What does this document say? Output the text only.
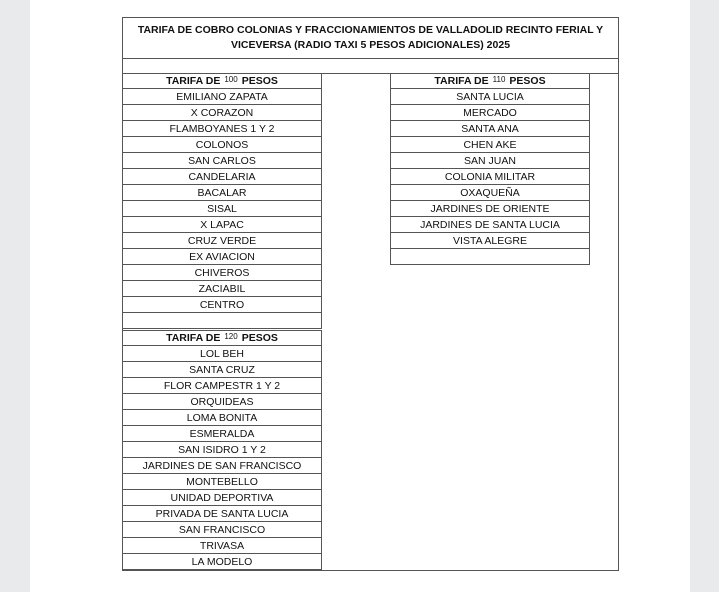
TARIFA DE COBRO COLONIAS Y FRACCIONAMIENTOS DE VALLADOLID RECINTO FERIAL Y VICEVERSA (RADIO TAXI 5 PESOS ADICIONALES) 2025
TARIFA DE 100 PESOS
EMILIANO ZAPATA
X CORAZON
FLAMBOYANES 1 Y 2
COLONOS
SAN CARLOS
CANDELARIA
BACALAR
SISAL
X LAPAC
CRUZ VERDE
EX AVIACION
CHIVEROS
ZACIABIL
CENTRO
TARIFA DE 110 PESOS
SANTA LUCIA
MERCADO
SANTA ANA
CHEN AKE
SAN JUAN
COLONIA MILITAR
OXAQUEÑA
JARDINES DE ORIENTE
JARDINES DE SANTA LUCIA
VISTA ALEGRE
TARIFA DE 120 PESOS
LOL BEH
SANTA CRUZ
FLOR CAMPESTR 1 Y 2
ORQUIDEAS
LOMA BONITA
ESMERALDA
SAN ISIDRO 1 Y 2
JARDINES DE SAN FRANCISCO
MONTEBELLO
UNIDAD DEPORTIVA
PRIVADA DE SANTA LUCIA
SAN FRANCISCO
TRIVASA
LA MODELO
